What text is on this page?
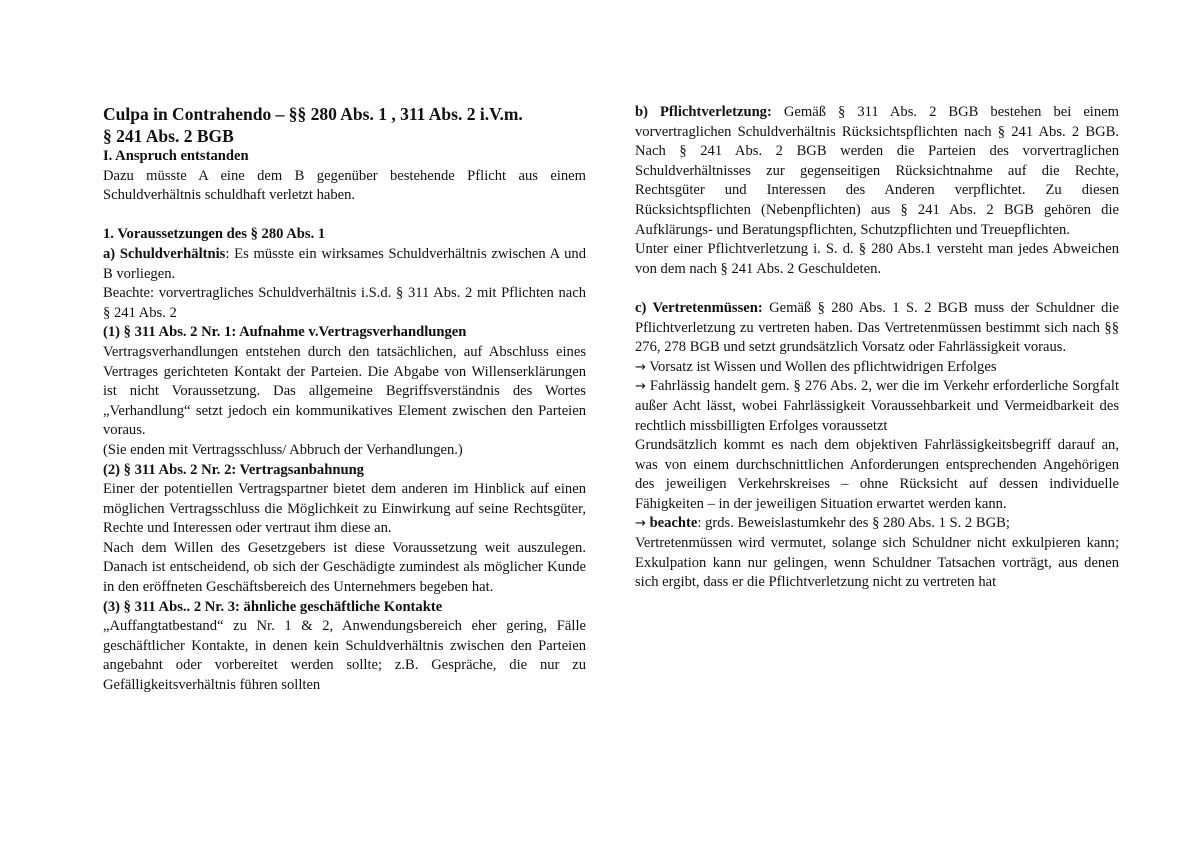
Culpa in Contrahendo – §§ 280 Abs. 1 , 311 Abs. 2 i.V.m.
§ 241 Abs. 2 BGB
I. Anspruch entstanden

Dazu müsste A eine dem B gegenüber bestehende Pflicht aus einem Schuldverhältnis schuldhaft verletzt haben.

1. Voraussetzungen des § 280 Abs. 1

a) Schuldverhältnis: Es müsste ein wirksames Schuldverhältnis zwischen A und B vorliegen.

Beachte: vorvertragliches Schuldverhältnis i.S.d. § 311 Abs. 2 mit Pflichten nach § 241 Abs. 2

(1) § 311 Abs. 2 Nr. 1: Aufnahme v.Vertragsverhandlungen

Vertragsverhandlungen entstehen durch den tatsächlichen, auf Abschluss eines Vertrages gerichteten Kontakt der Parteien. Die Abgabe von Willenserklärungen ist nicht Voraussetzung. Das allgemeine Begriffsverständnis des Wortes „Verhandlung“ setzt jedoch ein kommunikatives Element zwischen den Parteien voraus.

(Sie enden mit Vertragsschluss/ Abbruch der Verhandlungen.)

(2) § 311 Abs. 2 Nr. 2: Vertragsanbahnung

Einer der potentiellen Vertragspartner bietet dem anderen im Hinblick auf einen möglichen Vertragsschluss die Möglichkeit zu Einwirkung auf seine Rechtsgüter, Rechte und Interessen oder vertraut ihm diese an.

Nach dem Willen des Gesetzgebers ist diese Voraussetzung weit auszulegen. Danach ist entscheidend, ob sich der Geschädigte zumindest als möglicher Kunde in den eröffneten Geschäftsbereich des Unternehmers begeben hat.

(3) § 311 Abs.. 2 Nr. 3: ähnliche geschäftliche Kontakte

„Auffangtatbestand“ zu Nr. 1 & 2, Anwendungsbereich eher gering, Fälle geschäftlicher Kontakte, in denen kein Schuldverhältnis zwischen den Parteien angebahnt oder vorbereitet werden sollte; z.B. Gespräche, die nur zu Gefälligkeitsverhältnis führen sollten

b) Pflichtverletzung: Gemäß § 311 Abs. 2 BGB bestehen bei einem vorvertraglichen Schuldverhältnis Rücksichtspflichten nach § 241 Abs. 2 BGB. Nach § 241 Abs. 2 BGB werden die Parteien des vorvertraglichen Schuldverhältnisses zur gegenseitigen Rücksichtnahme auf die Rechte, Rechtsgüter und Interessen des Anderen verpflichtet. Zu diesen Rücksichtspflichten (Nebenpflichten) aus § 241 Abs. 2 BGB gehören die Aufklärungs- und Beratungspflichten, Schutzpflichten und Treuepflichten.

Unter einer Pflichtverletzung i. S. d. § 280 Abs.1 versteht man jedes Abweichen von dem nach § 241 Abs. 2 Geschuldeten.

c) Vertretenmüssen: Gemäß § 280 Abs. 1 S. 2 BGB muss der Schuldner die Pflichtverletzung zu vertreten haben. Das Vertretenmüssen bestimmt sich nach §§ 276, 278 BGB und setzt grundsätzlich Vorsatz oder Fahrlässigkeit voraus.

→ Vorsatz ist Wissen und Wollen des pflichtwidrigen Erfolges

→ Fahrlässig handelt gem. § 276 Abs. 2, wer die im Verkehr erforderliche Sorgfalt außer Acht lässt, wobei Fahrlässigkeit Voraussehbarkeit und Vermeidbarkeit des rechtlich missbilligten Erfolges voraussetzt

Grundsätzlich kommt es nach dem objektiven Fahrlässigkeitsbegriff darauf an, was von einem durchschnittlichen Anforderungen entsprechenden Angehörigen des jeweiligen Verkehrskreises – ohne Rücksicht auf dessen individuelle Fähigkeiten – in der jeweiligen Situation erwartet werden kann.

→ beachte: grds. Beweislastumkehr des § 280 Abs. 1 S. 2 BGB;

Vertretenmüssen wird vermutet, solange sich Schuldner nicht exkulpieren kann; Exkulpation kann nur gelingen, wenn Schuldner Tatsachen vorträgt, aus denen sich ergibt, dass er die Pflichtverletzung nicht zu vertreten hat
